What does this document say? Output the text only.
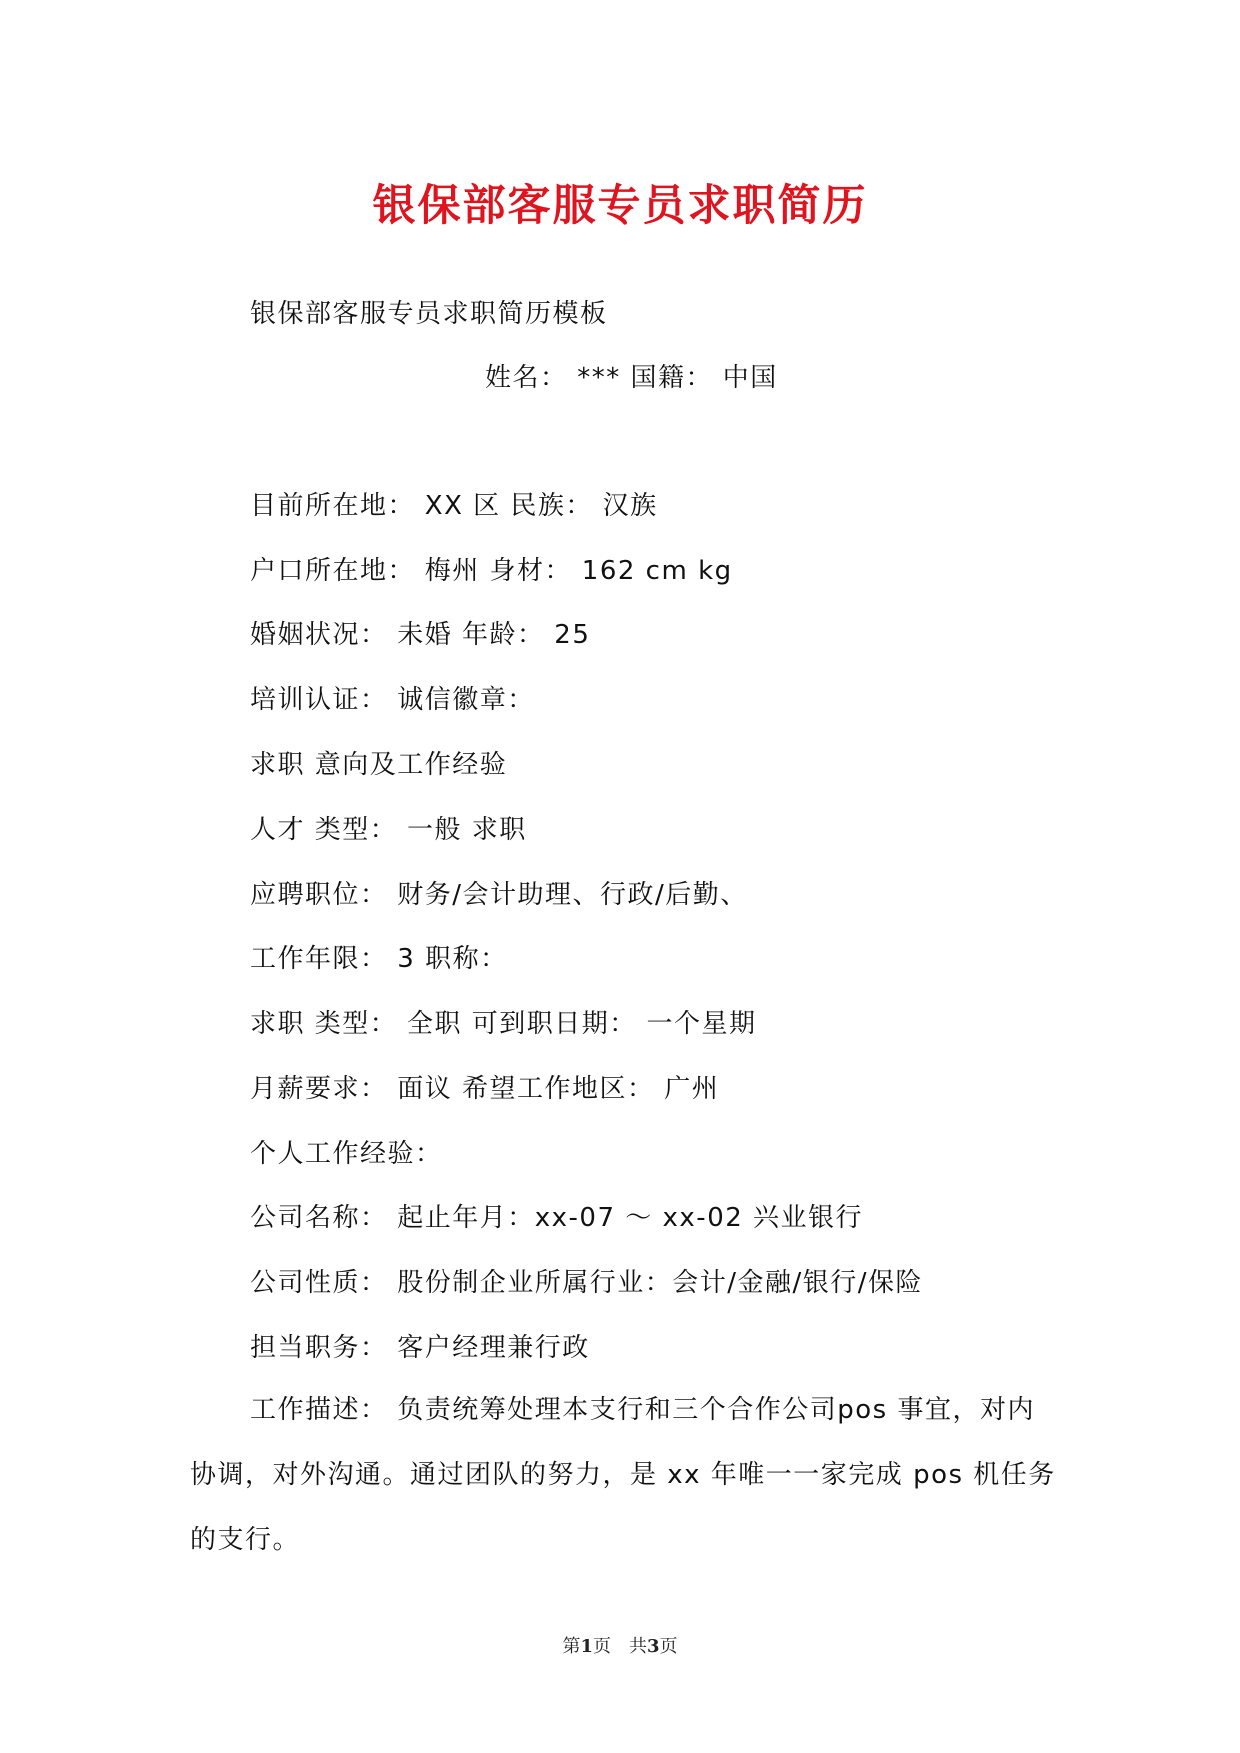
银保部客服专员求职简历
银保部客服专员求职简历模板
姓名： *** 国籍： 中国
目前所在地： XX 区 民族： 汉族
户口所在地： 梅州 身材： 162 cm kg
婚姻状况： 未婚 年龄： 25
培训认证： 诚信徽章：
求职 意向及工作经验
人才 类型： 一般 求职
应聘职位： 财务/会计助理、行政/后勤、
工作年限： 3 职称：
求职 类型： 全职 可到职日期： 一个星期
月薪要求： 面议 希望工作地区： 广州
个人工作经验：
公司名称： 起止年月：xx-07 ～ xx-02 兴业银行
公司性质： 股份制企业所属行业：会计/金融/银行/保险
担当职务： 客户经理兼行政
工作描述： 负责统筹处理本支行和三个合作公司pos 事宜，对内协调，对外沟通。通过团队的努力，是 xx 年唯一一家完成 pos 机任务的支行。
第1页　共3页
